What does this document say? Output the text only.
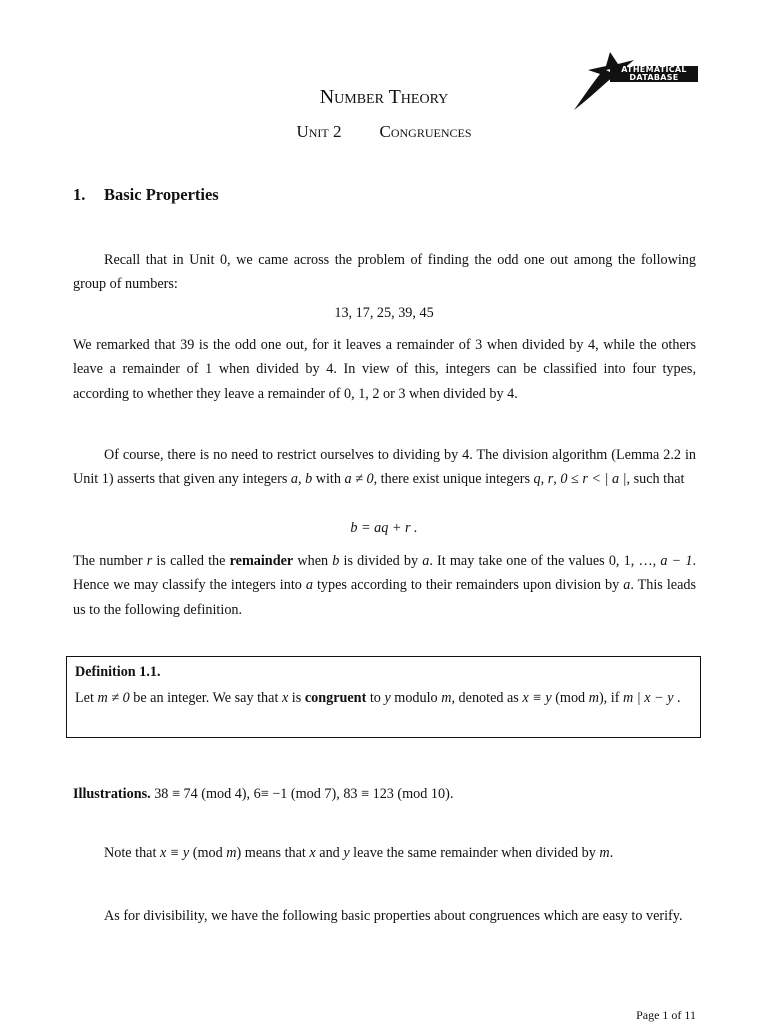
ATHEMATICAL
DATABASE
Number Theory
Unit 2 Congruences
1. Basic Properties

Recall that in Unit 0, we came across the problem of finding the odd one out among the following group of numbers:

13, 17, 25, 39, 45

We remarked that 39 is the odd one out, for it leaves a remainder of 3 when divided by 4, while the others leave a remainder of 1 when divided by 4. In view of this, integers can be classified into four types, according to whether they leave a remainder of 0, 1, 2 or 3 when divided by 4.

Of course, there is no need to restrict ourselves to dividing by 4. The division algorithm (Lemma 2.2 in Unit 1) asserts that given any integers a, b with a ≠ 0, there exist unique integers q, r, 0 ≤ r < | a |, such that

b = aq + r .

The number r is called the remainder when b is divided by a. It may take one of the values 0, 1, …, a − 1. Hence we may classify the integers into a types according to their remainders upon division by a. This leads us to the following definition.

Definition 1.1.
Let m ≠ 0 be an integer. We say that x is congruent to y modulo m, denoted as x ≡ y (mod m), if m | x − y .

Illustrations. 38 ≡ 74 (mod 4), 6≡ −1 (mod 7), 83 ≡ 123 (mod 10).

Note that x ≡ y (mod m) means that x and y leave the same remainder when divided by m.

As for divisibility, we have the following basic properties about congruences which are easy to verify.

Page 1 of 11
